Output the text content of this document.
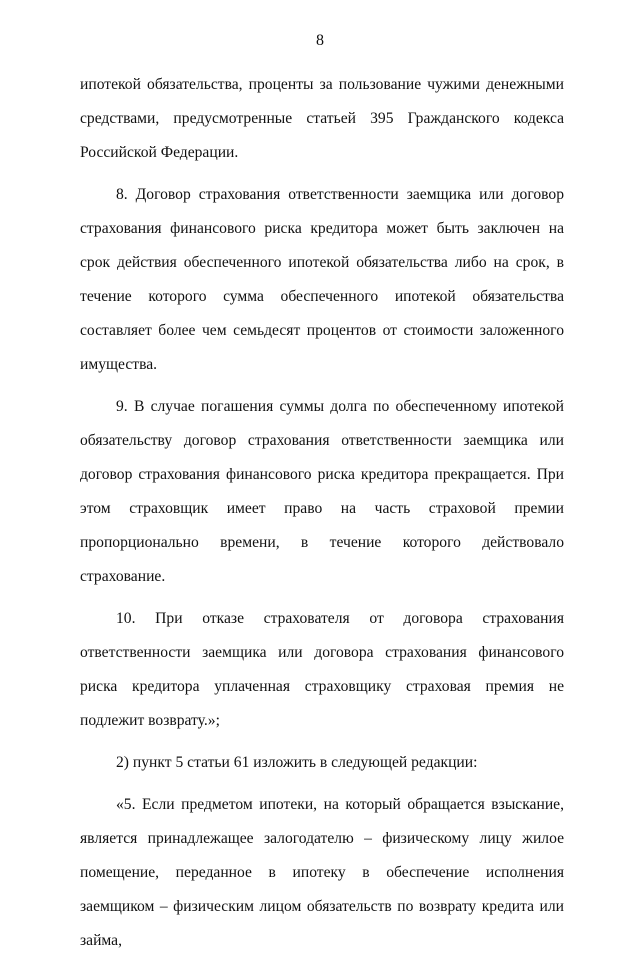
8

ипотекой обязательства, проценты за пользование чужими денежными средствами, предусмотренные статьей 395 Гражданского кодекса Российской Федерации.

8. Договор страхования ответственности заемщика или договор страхования финансового риска кредитора может быть заключен на срок действия обеспеченного ипотекой обязательства либо на срок, в течение которого сумма обеспеченного ипотекой обязательства составляет более чем семьдесят процентов от стоимости заложенного имущества.

9. В случае погашения суммы долга по обеспеченному ипотекой обязательству договор страхования ответственности заемщика или договор страхования финансового риска кредитора прекращается. При этом страховщик имеет право на часть страховой премии пропорционально времени, в течение которого действовало страхование.

10. При отказе страхователя от договора страхования ответственности заемщика или договора страхования финансового риска кредитора уплаченная страховщику страховая премия не подлежит возврату.»;

2) пункт 5 статьи 61 изложить в следующей редакции:

«5. Если предметом ипотеки, на который обращается взыскание, является принадлежащее залогодателю – физическому лицу жилое помещение, переданное в ипотеку в обеспечение исполнения заемщиком – физическим лицом обязательств по возврату кредита или займа,
